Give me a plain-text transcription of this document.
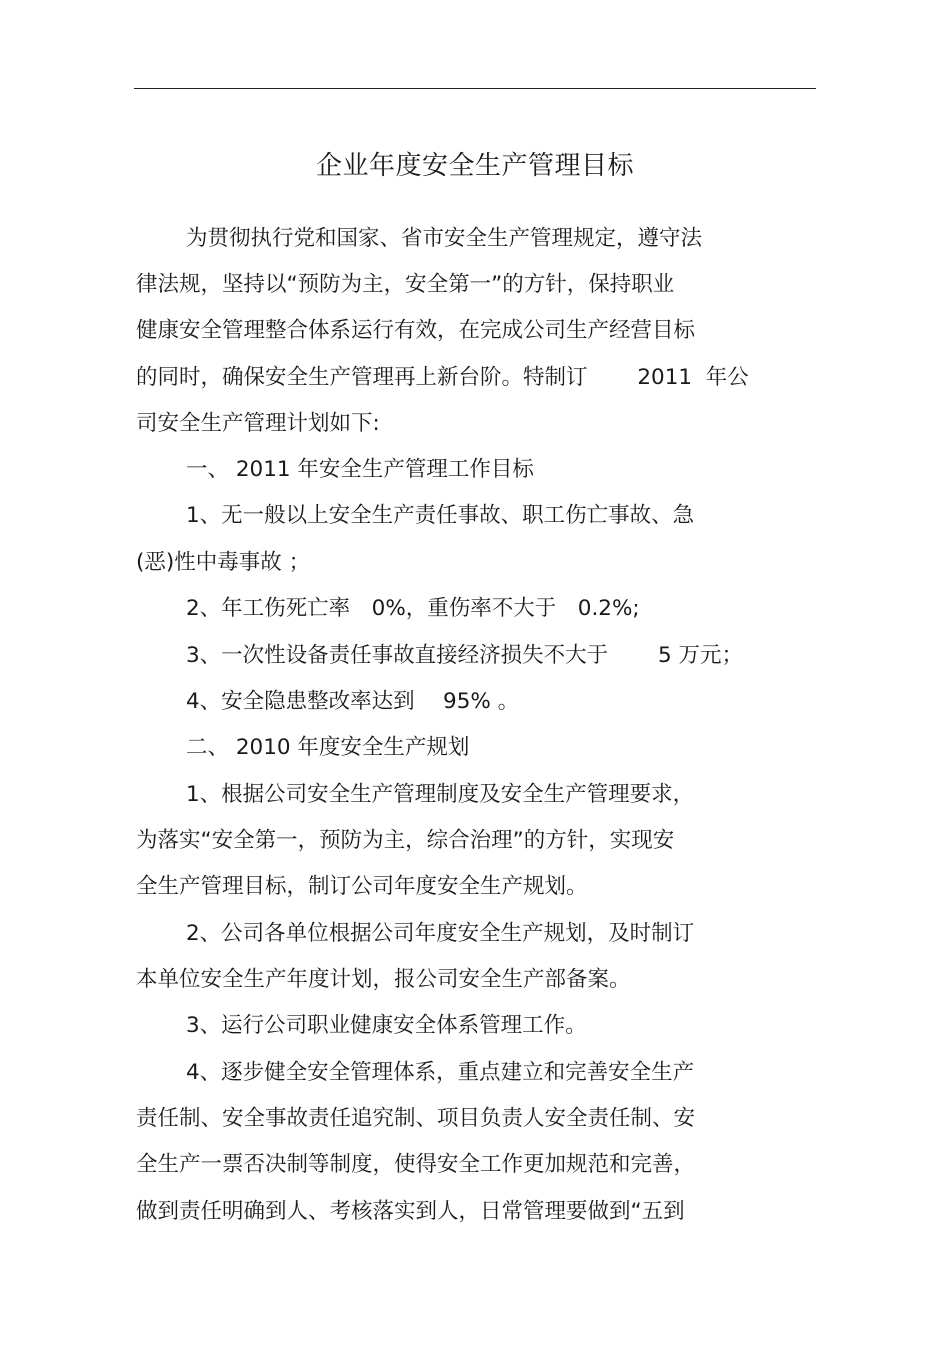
企业年度安全生产管理目标
为贯彻执行党和国家、省市安全生产管理规定，遵守法
律法规，坚持以“预防为主，安全第一”的方针，保持职业
健康安全管理整合体系运行有效，在完成公司生产经营目标
的同时，确保安全生产管理再上新台阶。特制订　　 2011  年公
司安全生产管理计划如下:
一、 2011 年安全生产管理工作目标
1、无一般以上安全生产责任事故、职工伤亡事故、急
(恶)性中毒事故 ；
2、年工伤死亡率　0%，重伤率不大于　0.2%;
3、一次性设备责任事故直接经济损失不大于　　 5 万元；
4、安全隐患整改率达到　 95% 。
二、 2010 年度安全生产规划
1、根据公司安全生产管理制度及安全生产管理要求，
为落实“安全第一，预防为主，综合治理”的方针，实现安
全生产管理目标，制订公司年度安全生产规划。
2、公司各单位根据公司年度安全生产规划，及时制订
本单位安全生产年度计划，报公司安全生产部备案。
3、运行公司职业健康安全体系管理工作。
4、逐步健全安全管理体系，重点建立和完善安全生产
责任制、安全事故责任追究制、项目负责人安全责任制、安
全生产一票否决制等制度，使得安全工作更加规范和完善，
做到责任明确到人、考核落实到人，日常管理要做到“五到
